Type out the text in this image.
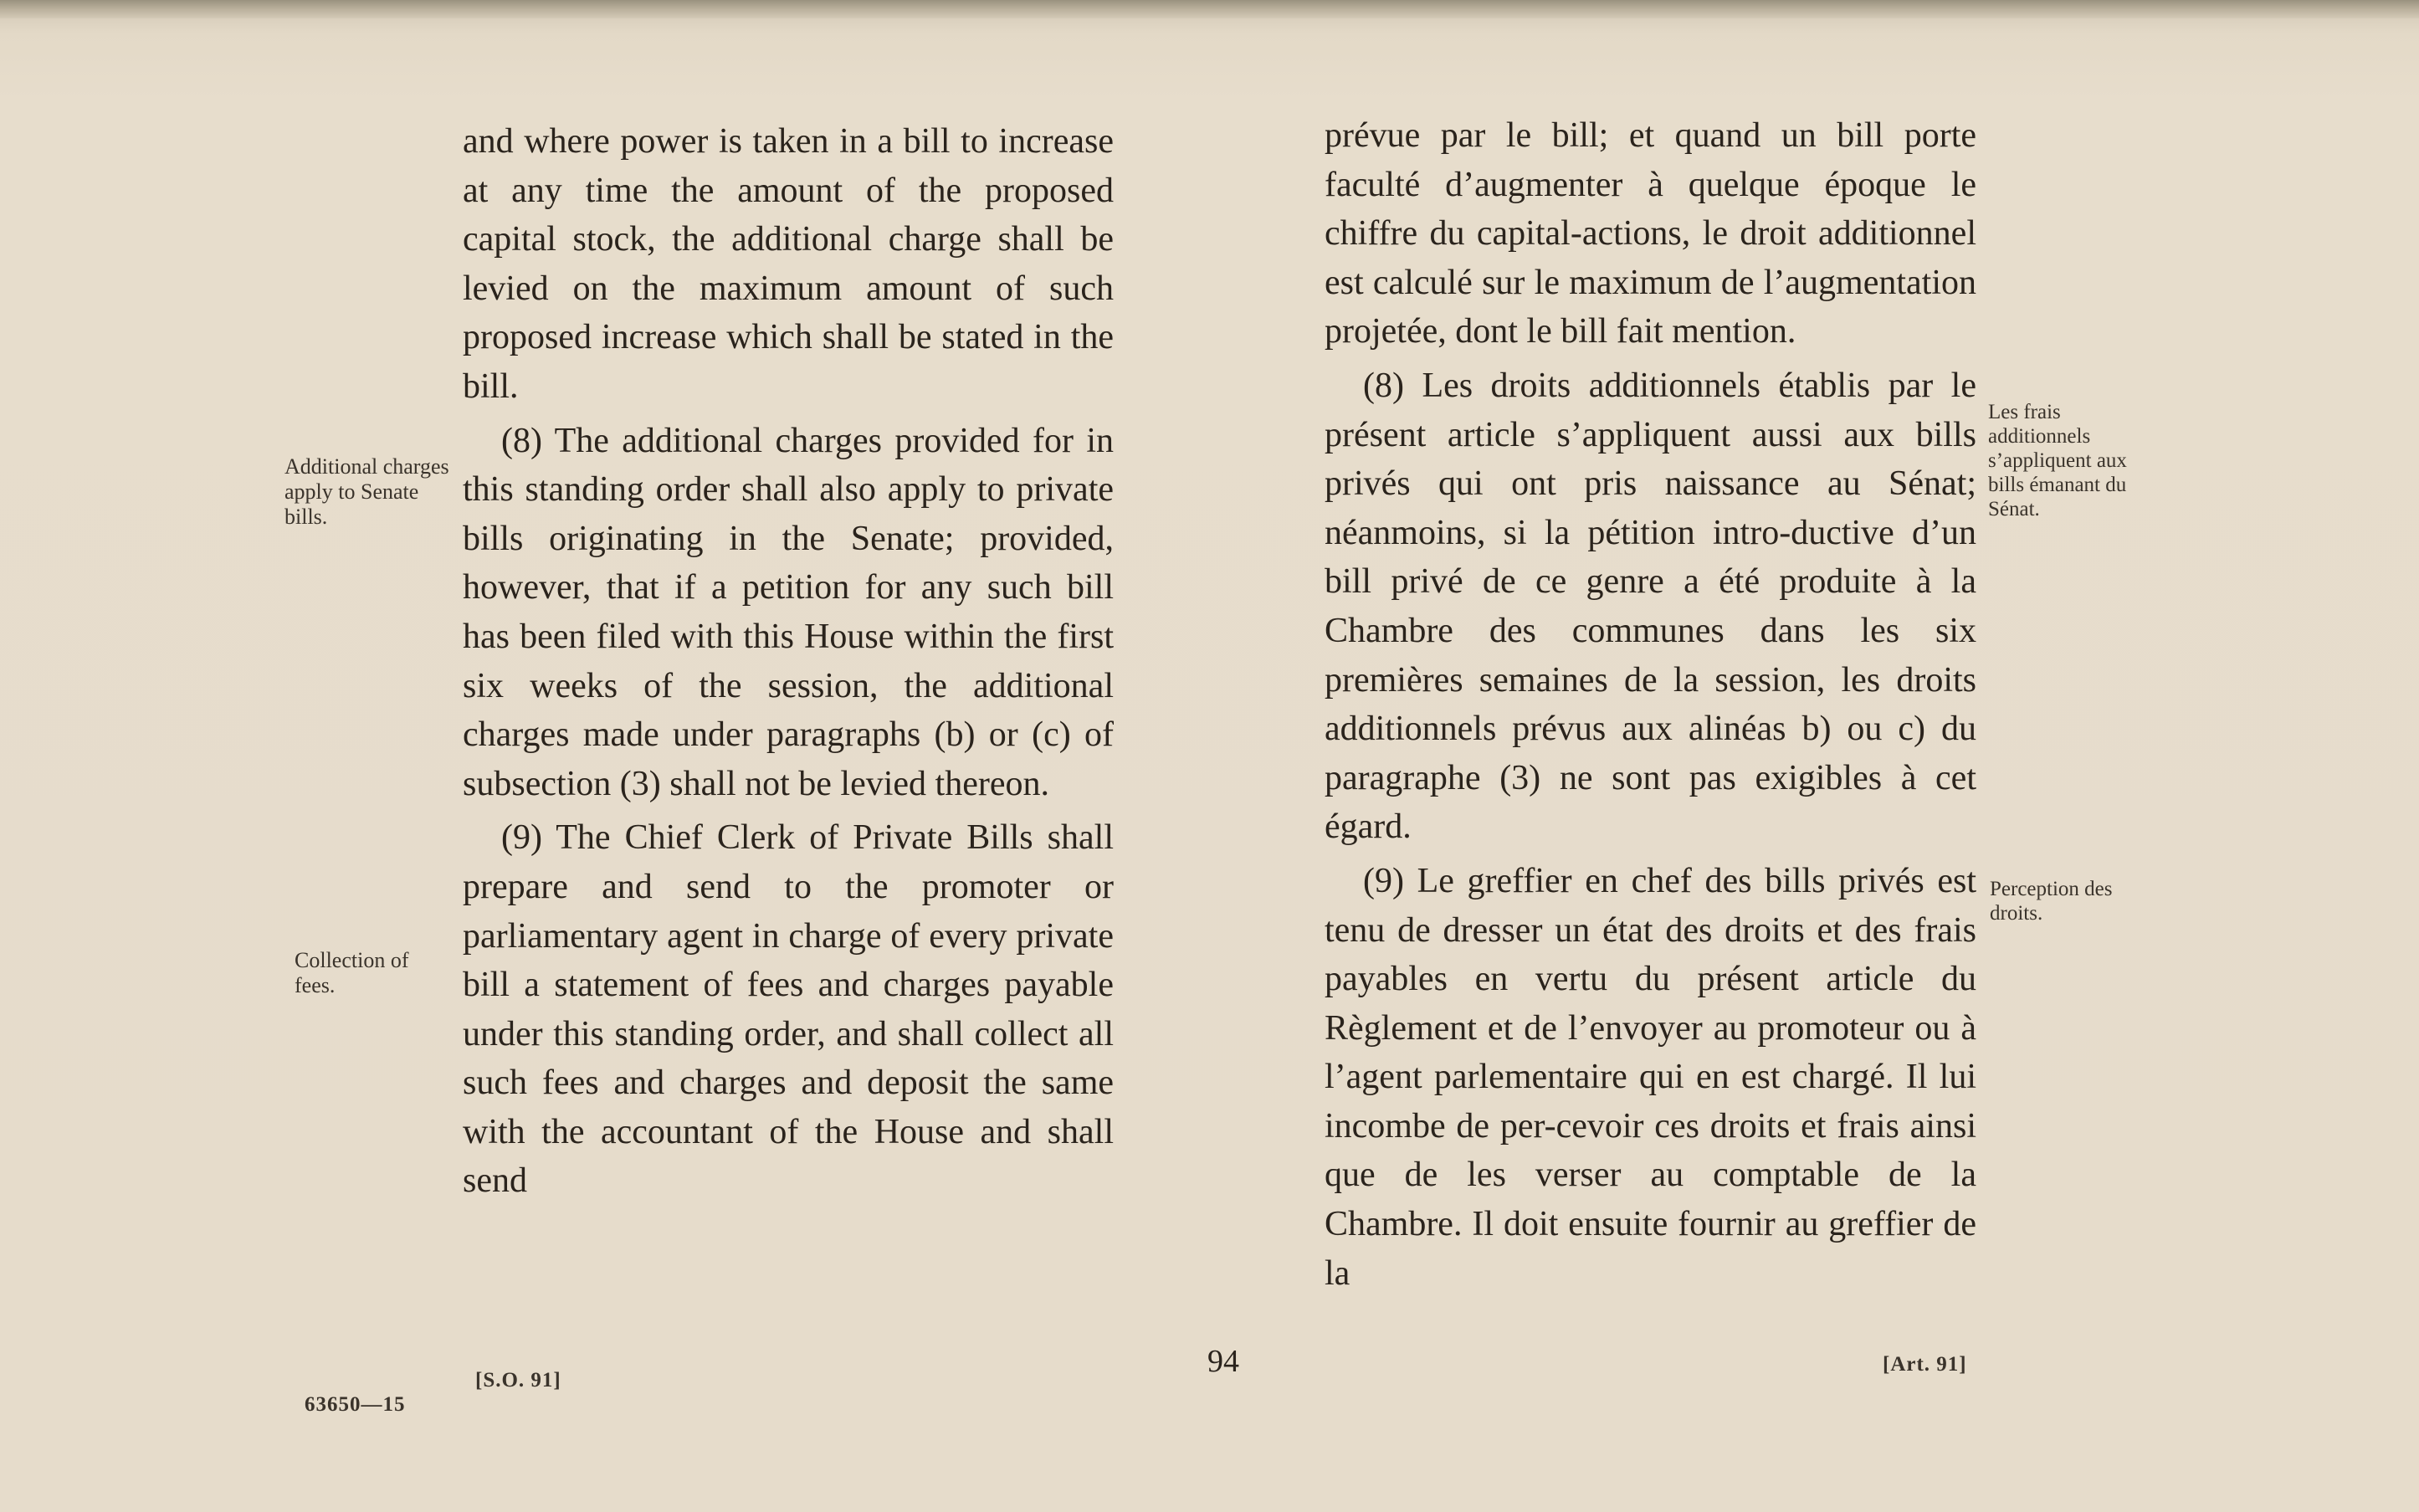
and where power is taken in a bill to increase at any time the amount of the proposed capital stock, the additional charge shall be levied on the maximum amount of such proposed increase which shall be stated in the bill.

(8) The additional charges provided for in this standing order shall also apply to private bills originating in the Senate; provided, however, that if a petition for any such bill has been filed with this House within the first six weeks of the session, the additional charges made under paragraphs (b) or (c) of subsection (3) shall not be levied thereon.

(9) The Chief Clerk of Private Bills shall prepare and send to the promoter or parliamentary agent in charge of every private bill a statement of fees and charges payable under this standing order, and shall collect all such fees and charges and deposit the same with the accountant of the House and shall send

prévue par le bill; et quand un bill porte faculté d’augmenter à quelque époque le chiffre du capital-actions, le droit additionnel est calculé sur le maximum de l’augmentation projetée, dont le bill fait mention.

(8) Les droits additionnels établis par le présent article s’appliquent aussi aux bills privés qui ont pris naissance au Sénat; néanmoins, si la pétition intro-ductive d’un bill privé de ce genre a été produite à la Chambre des communes dans les six premières semaines de la session, les droits additionnels prévus aux alinéas b) ou c) du paragraphe (3) ne sont pas exigibles à cet égard.

(9) Le greffier en chef des bills privés est tenu de dresser un état des droits et des frais payables en vertu du présent article du Règlement et de l’envoyer au promoteur ou à l’agent parlementaire qui en est chargé. Il lui incombe de per-cevoir ces droits et frais ainsi que de les verser au comptable de la Chambre. Il doit ensuite fournir au greffier de la

Additional charges apply to Senate bills.
Collection of fees.
Les frais additionnels s’appliquent aux bills émanant du Sénat.
Perception des droits.
[S.O. 91]
94	[Art. 91]
63650—15
